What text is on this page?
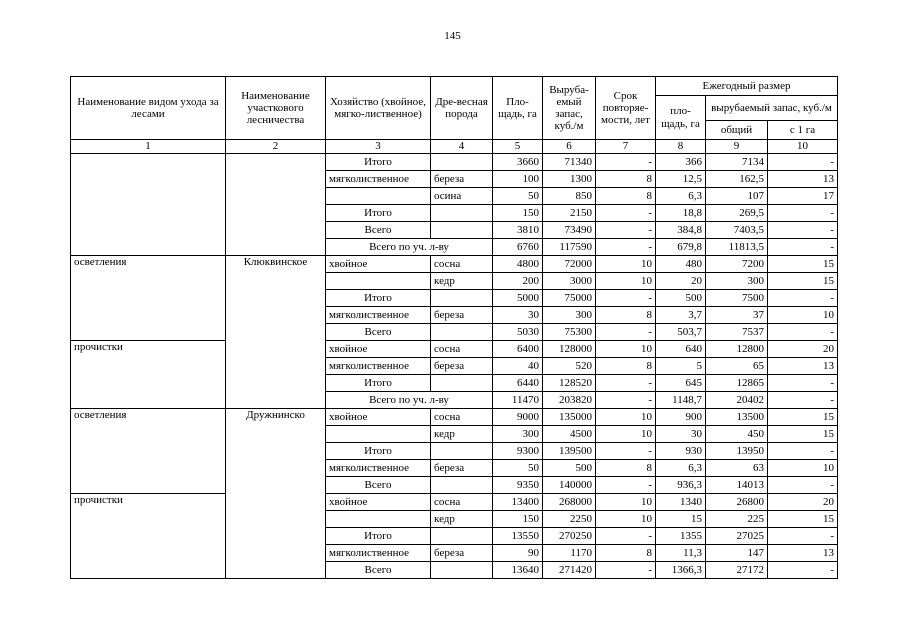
145
Наименование видом ухода за лесами	Наименование участкового лесничества	Хозяйство (хвойное, мягко-лиственное)	Дре-весная порода	Пло-щадь, га	Выруба-емый запас, куб./м	Срок повторяе-мости, лет	Ежегодный размер		
							пло-щадь, га	вырубаемый запас, куб./м	
								общий	с 1 га
1	2	3	4	5	6	7	8	9	10
		Итого		3660	71340	-	366	7134	-
		мягколиственное	береза	100	1300	8	12,5	162,5	13
			осина	50	850	8	6,3	107	17
		Итого		150	2150	-	18,8	269,5	-
		Всего		3810	73490	-	384,8	7403,5	-
		Всего по уч. л-ву		6760	117590	-	679,8	11813,5	-
осветления	Клюквинское	хвойное	сосна	4800	72000	10	480	7200	15
			кедр	200	3000	10	20	300	15
		Итого		5000	75000	-	500	7500	-
		мягколиственное	береза	30	300	8	3,7	37	10
		Всего		5030	75300	-	503,7	7537	-
прочистки		хвойное	сосна	6400	128000	10	640	12800	20
		мягколиственное	береза	40	520	8	5	65	13
		Итого		6440	128520	-	645	12865	-
		Всего по уч. л-ву		11470	203820	-	1148,7	20402	-
осветления	Дружнинско	хвойное	сосна	9000	135000	10	900	13500	15
			кедр	300	4500	10	30	450	15
		Итого		9300	139500	-	930	13950	-
		мягколиственное	береза	50	500	8	6,3	63	10
		Всего		9350	140000	-	936,3	14013	-
прочистки		хвойное	сосна	13400	268000	10	1340	26800	20
			кедр	150	2250	10	15	225	15
		Итого		13550	270250	-	1355	27025	-
		мягколиственное	береза	90	1170	8	11,3	147	13
		Всего		13640	271420	-	1366,3	27172	-
